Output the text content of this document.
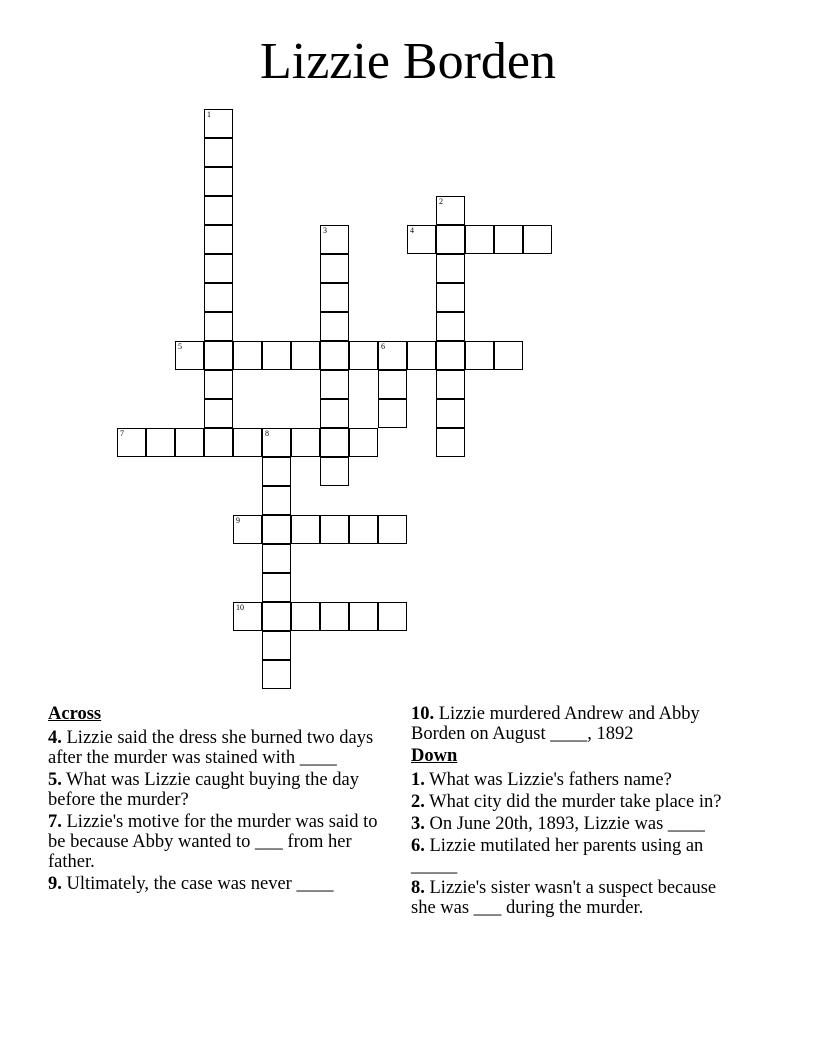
Lizzie Borden
1
2
3	4
5	6
7	8
9
10
Across
4. Lizzie said the dress she burned two days after the murder was stained with ____
5. What was Lizzie caught buying the day before the murder?
7. Lizzie's motive for the murder was said to be because Abby wanted to ___ from her father.
9. Ultimately, the case was never ____
10. Lizzie murdered Andrew and Abby Borden on August ____, 1892
Down
1. What was Lizzie's fathers name?
2. What city did the murder take place in?
3. On June 20th, 1893, Lizzie was ____
6. Lizzie mutilated her parents using an _____
8. Lizzie's sister wasn't a suspect because she was ___ during the murder.
